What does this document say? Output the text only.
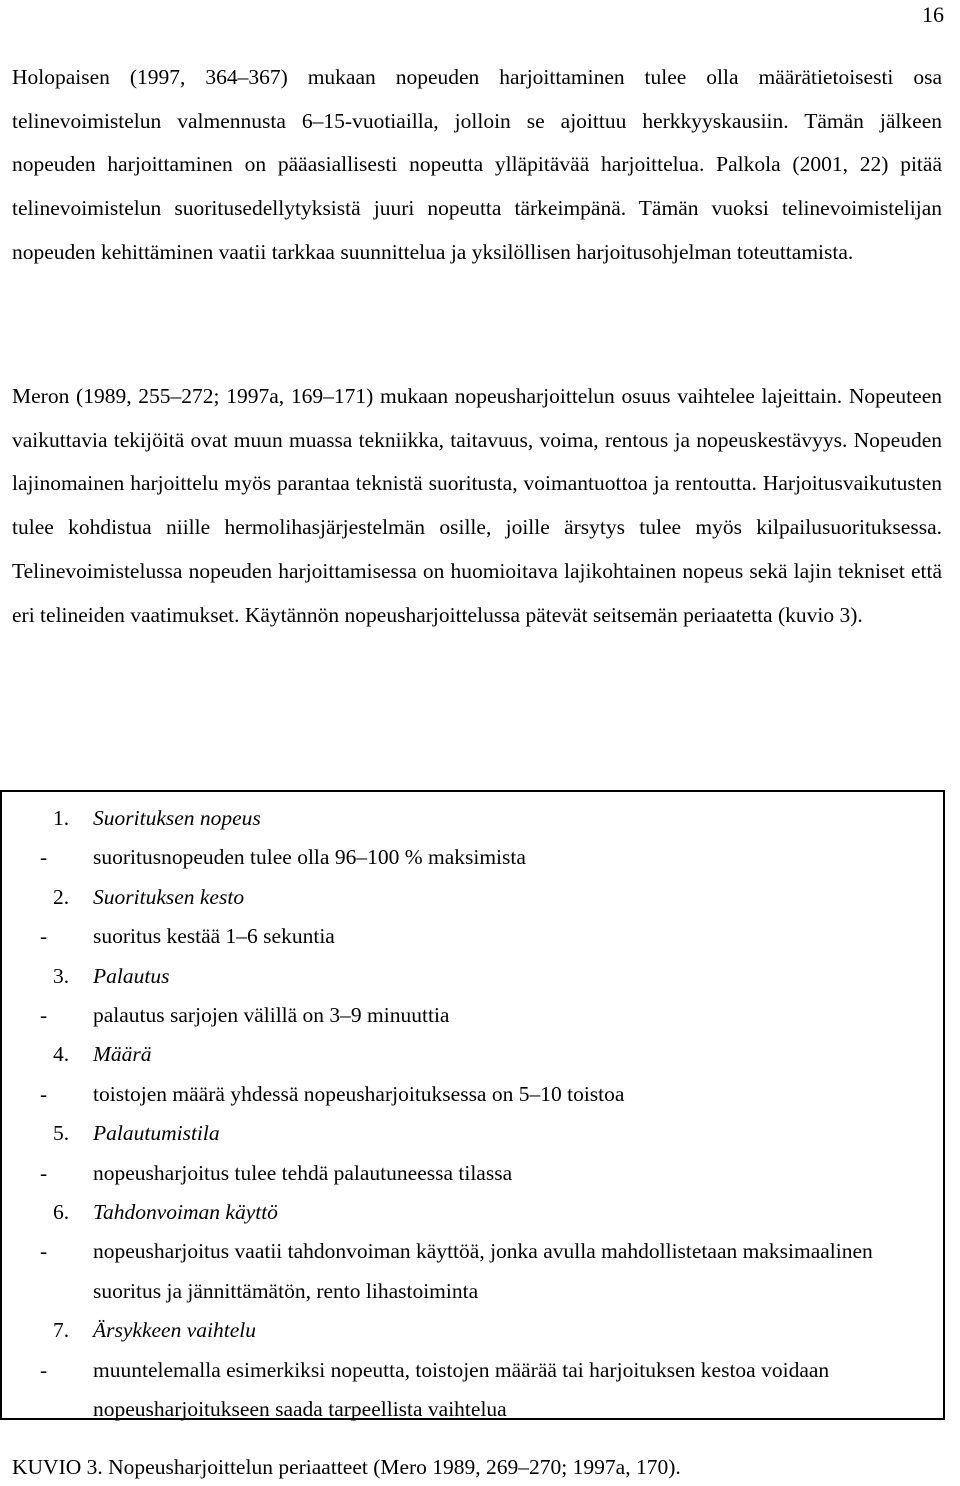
16

Holopaisen (1997, 364–367) mukaan nopeuden harjoittaminen tulee olla määrätietoisesti osa telinevoimistelun valmennusta 6–15-vuotiailla, jolloin se ajoittuu herkkyyskausiin. Tämän jälkeen nopeuden harjoittaminen on pääasiallisesti nopeutta ylläpitävää harjoittelua. Palkola (2001, 22) pitää telinevoimistelun suoritusedellytyksistä juuri nopeutta tärkeimpänä. Tämän vuoksi telinevoimistelijan nopeuden kehittäminen vaatii tarkkaa suunnittelua ja yksilöllisen harjoitusohjelman toteuttamista.

Meron (1989, 255–272; 1997a, 169–171) mukaan nopeusharjoittelun osuus vaihtelee lajeittain. Nopeuteen vaikuttavia tekijöitä ovat muun muassa tekniikka, taitavuus, voima, rentous ja nopeuskestävyys. Nopeuden lajinomainen harjoittelu myös parantaa teknistä suoritusta, voimantuottoa ja rentoutta. Harjoitusvaikutusten tulee kohdistua niille hermolihasjärjestelmän osille, joille ärsytys tulee myös kilpailusuorituksessa. Telinevoimistelussa nopeuden harjoittamisessa on huomioitava lajikohtainen nopeus sekä lajin tekniset että eri telineiden vaatimukset. Käytännön nopeusharjoittelussa pätevät seitsemän periaatetta (kuvio 3).

1.	Suorituksen nopeus
-	suoritusnopeuden tulee olla 96–100 % maksimista
2.	Suorituksen kesto
-	suoritus kestää 1–6 sekuntia
3.	Palautus
-	palautus sarjojen välillä on 3–9 minuuttia
4.	Määrä
-	toistojen määrä yhdessä nopeusharjoituksessa on 5–10 toistoa
5.	Palautumistila
-	nopeusharjoitus tulee tehdä palautuneessa tilassa
6.	Tahdonvoiman käyttö
-	nopeusharjoitus vaatii tahdonvoiman käyttöä, jonka avulla mahdollistetaan maksimaalinen suoritus ja jännittämätön, rento lihastoiminta
7.	Ärsykkeen vaihtelu
-	muuntelemalla esimerkiksi nopeutta, toistojen määrää tai harjoituksen kestoa voidaan nopeusharjoitukseen saada tarpeellista vaihtelua

KUVIO 3. Nopeusharjoittelun periaatteet (Mero 1989, 269–270; 1997a, 170).
